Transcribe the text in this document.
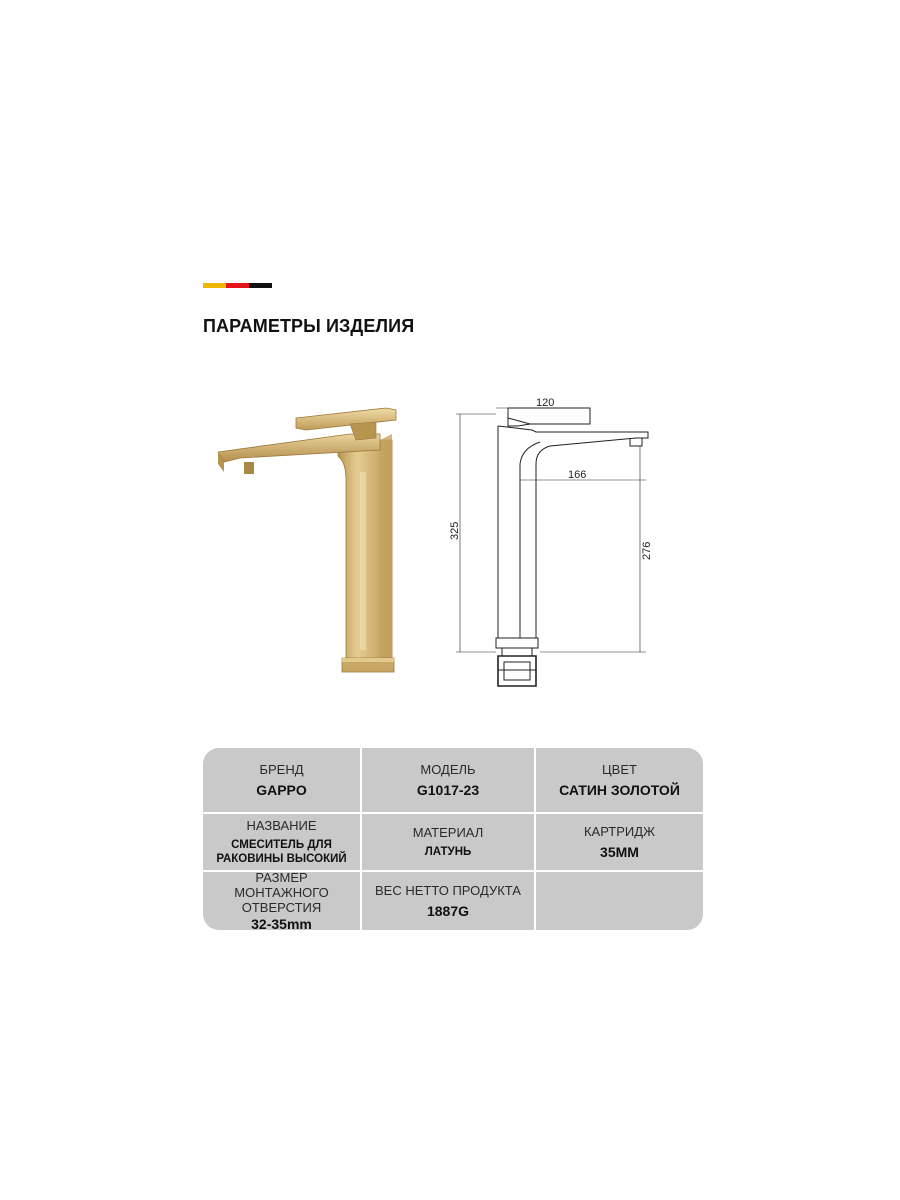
ПАРАМЕТРЫ ИЗДЕЛИЯ
120
166
325
276
БРЕНД
GAPPO
МОДЕЛЬ
G1017-23
ЦВЕТ
САТИН ЗОЛОТОЙ
НАЗВАНИЕ
СМЕСИТЕЛЬ ДЛЯ
РАКОВИНЫ ВЫСОКИЙ
МАТЕРИАЛ
ЛАТУНЬ
КАРТРИДЖ
35MM
РАЗМЕР МОНТАЖНОГО
ОТВЕРСТИЯ
32-35mm
ВЕС НЕТТО ПРОДУКТА
1887G
